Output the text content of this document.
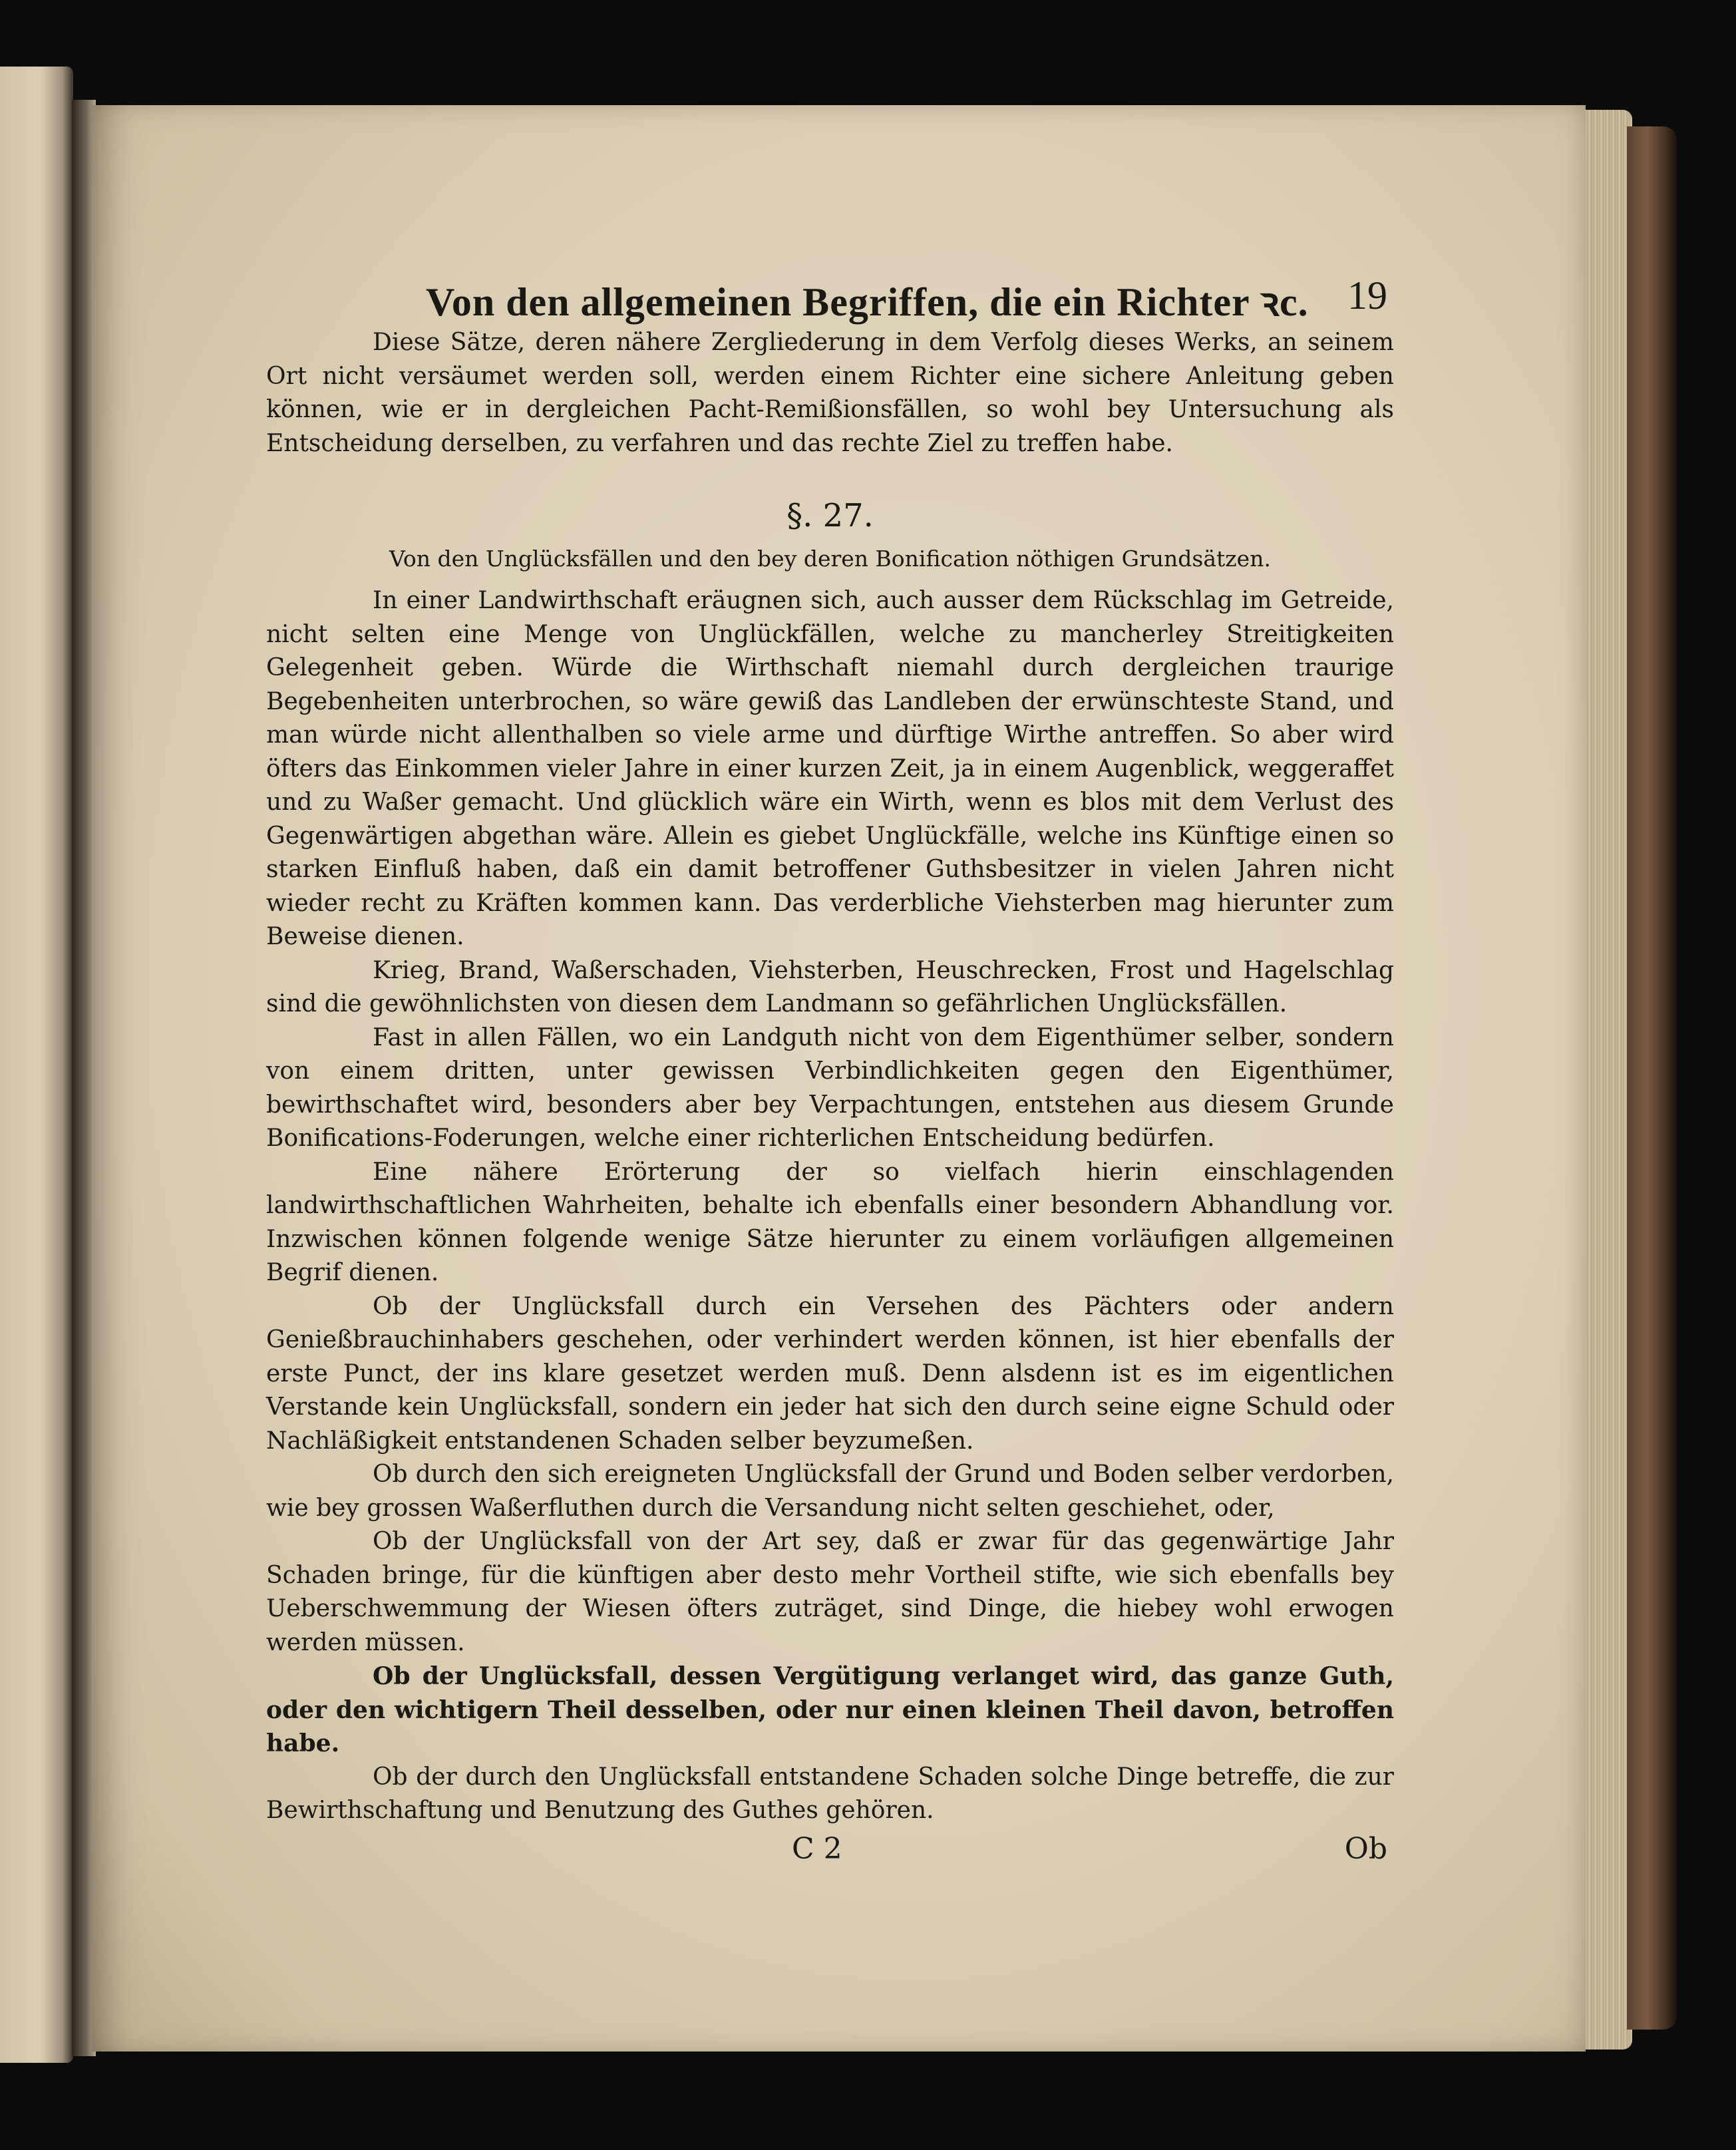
Von den allgemeinen Begriffen, die ein Richter ꝛc. 19

Diese Sätze, deren nähere Zergliederung in dem Verfolg dieses Werks, an seinem Ort nicht versäumet werden soll, werden einem Richter eine sichere Anleitung geben können, wie er in dergleichen Pacht-Remißionsfällen, so wohl bey Untersuchung als Entscheidung derselben, zu verfahren und das rechte Ziel zu treffen habe.

§. 27.
Von den Unglücksfällen und den bey deren Bonification nöthigen Grundsätzen.

In einer Landwirthschaft eräugnen sich, auch ausser dem Rückschlag im Getreide, nicht selten eine Menge von Unglückfällen, welche zu mancherley Streitigkeiten Gelegenheit geben. Würde die Wirthschaft niemahl durch dergleichen traurige Begebenheiten unterbrochen, so wäre gewiß das Landleben der erwünschteste Stand, und man würde nicht allenthalben so viele arme und dürftige Wirthe antreffen. So aber wird öfters das Einkommen vieler Jahre in einer kurzen Zeit, ja in einem Augenblick, weggeraffet und zu Waßer gemacht. Und glücklich wäre ein Wirth, wenn es blos mit dem Verlust des Gegenwärtigen abgethan wäre. Allein es giebet Unglückfälle, welche ins Künftige einen so starken Einfluß haben, daß ein damit betroffener Guthsbesitzer in vielen Jahren nicht wieder recht zu Kräften kommen kann. Das verderbliche Viehsterben mag hierunter zum Beweise dienen.

Krieg, Brand, Waßerschaden, Viehsterben, Heuschrecken, Frost und Hagelschlag sind die gewöhnlichsten von diesen dem Landmann so gefährlichen Unglücksfällen.

Fast in allen Fällen, wo ein Landguth nicht von dem Eigenthümer selber, sondern von einem dritten, unter gewissen Verbindlichkeiten gegen den Eigenthümer, bewirthschaftet wird, besonders aber bey Verpachtungen, entstehen aus diesem Grunde Bonifications-Foderungen, welche einer richterlichen Entscheidung bedürfen.

Eine nähere Erörterung der so vielfach hierin einschlagenden landwirthschaftlichen Wahrheiten, behalte ich ebenfalls einer besondern Abhandlung vor. Inzwischen können folgende wenige Sätze hierunter zu einem vorläufigen allgemeinen Begrif dienen.

Ob der Unglücksfall durch ein Versehen des Pächters oder andern Genießbrauchinhabers geschehen, oder verhindert werden können, ist hier ebenfalls der erste Punct, der ins klare gesetzet werden muß. Denn alsdenn ist es im eigentlichen Verstande kein Unglücksfall, sondern ein jeder hat sich den durch seine eigne Schuld oder Nachläßigkeit entstandenen Schaden selber beyzumeßen.

Ob durch den sich ereigneten Unglücksfall der Grund und Boden selber verdorben, wie bey grossen Waßerfluthen durch die Versandung nicht selten geschiehet, oder,

Ob der Unglücksfall von der Art sey, daß er zwar für das gegenwärtige Jahr Schaden bringe, für die künftigen aber desto mehr Vortheil stifte, wie sich ebenfalls bey Ueberschwemmung der Wiesen öfters zuträget, sind Dinge, die hiebey wohl erwogen werden müssen.

Ob der Unglücksfall, dessen Vergütigung verlanget wird, das ganze Guth, oder den wichtigern Theil desselben, oder nur einen kleinen Theil davon, betroffen habe.

Ob der durch den Unglücksfall entstandene Schaden solche Dinge betreffe, die zur Bewirthschaftung und Benutzung des Guthes gehören.

C 2	Ob
